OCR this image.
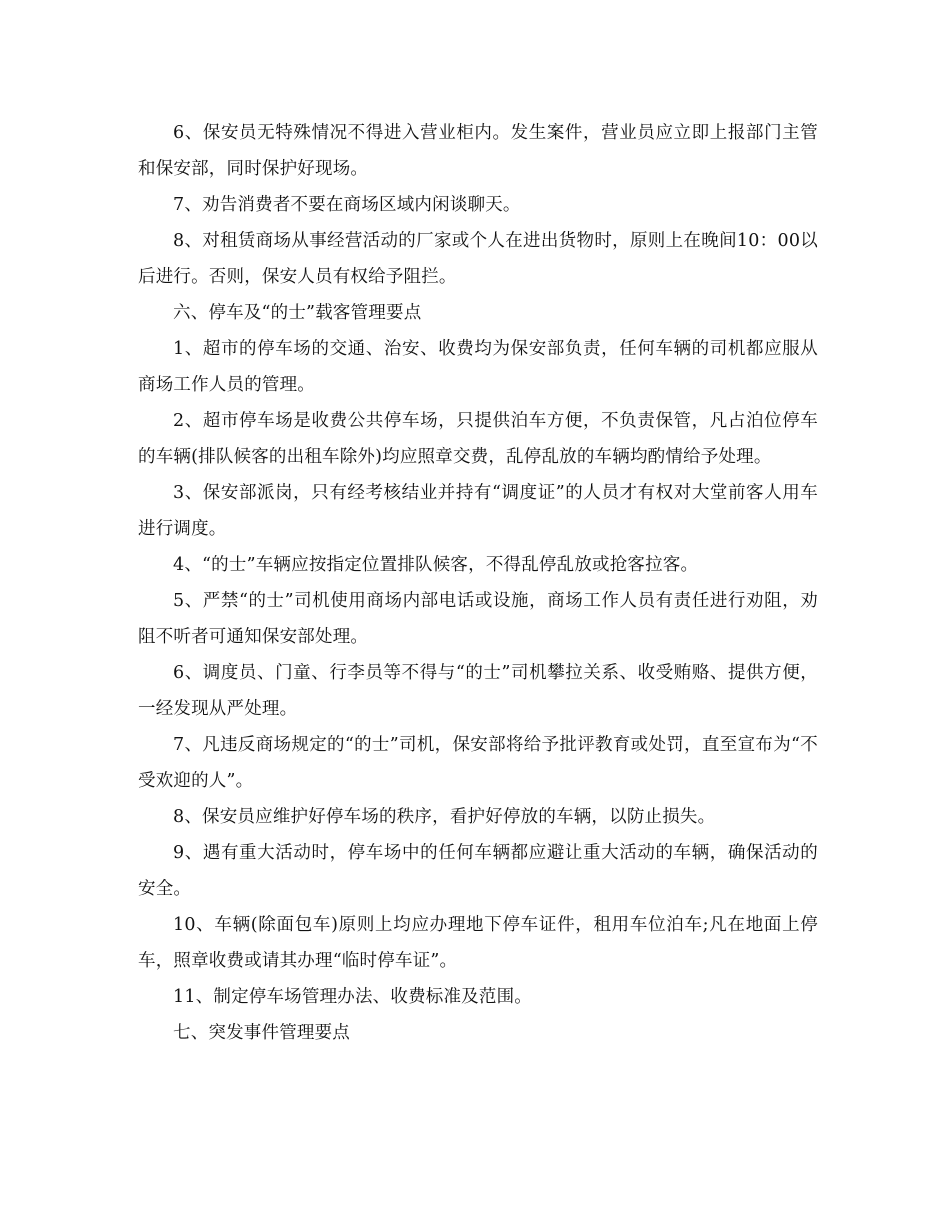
6、保安员无特殊情况不得进入营业柜内。发生案件，营业员应立即上报部门主管和保安部，同时保护好现场。

7、劝告消费者不要在商场区域内闲谈聊天。

8、对租赁商场从事经营活动的厂家或个人在进出货物时，原则上在晚间10：00以后进行。否则，保安人员有权给予阻拦。

六、停车及“的士”载客管理要点

1、超市的停车场的交通、治安、收费均为保安部负责，任何车辆的司机都应服从商场工作人员的管理。

2、超市停车场是收费公共停车场，只提供泊车方便，不负责保管，凡占泊位停车的车辆(排队候客的出租车除外)均应照章交费，乱停乱放的车辆均酌情给予处理。

3、保安部派岗，只有经考核结业并持有“调度证”的人员才有权对大堂前客人用车进行调度。

4、“的士”车辆应按指定位置排队候客，不得乱停乱放或抢客拉客。

5、严禁“的士”司机使用商场内部电话或设施，商场工作人员有责任进行劝阻，劝阻不听者可通知保安部处理。

6、调度员、门童、行李员等不得与“的士”司机攀拉关系、收受贿赂、提供方便，一经发现从严处理。

7、凡违反商场规定的“的士”司机，保安部将给予批评教育或处罚，直至宣布为“不受欢迎的人”。

8、保安员应维护好停车场的秩序，看护好停放的车辆，以防止损失。

9、遇有重大活动时，停车场中的任何车辆都应避让重大活动的车辆，确保活动的安全。

10、车辆(除面包车)原则上均应办理地下停车证件，租用车位泊车;凡在地面上停车，照章收费或请其办理“临时停车证”。

11、制定停车场管理办法、收费标准及范围。

七、突发事件管理要点
